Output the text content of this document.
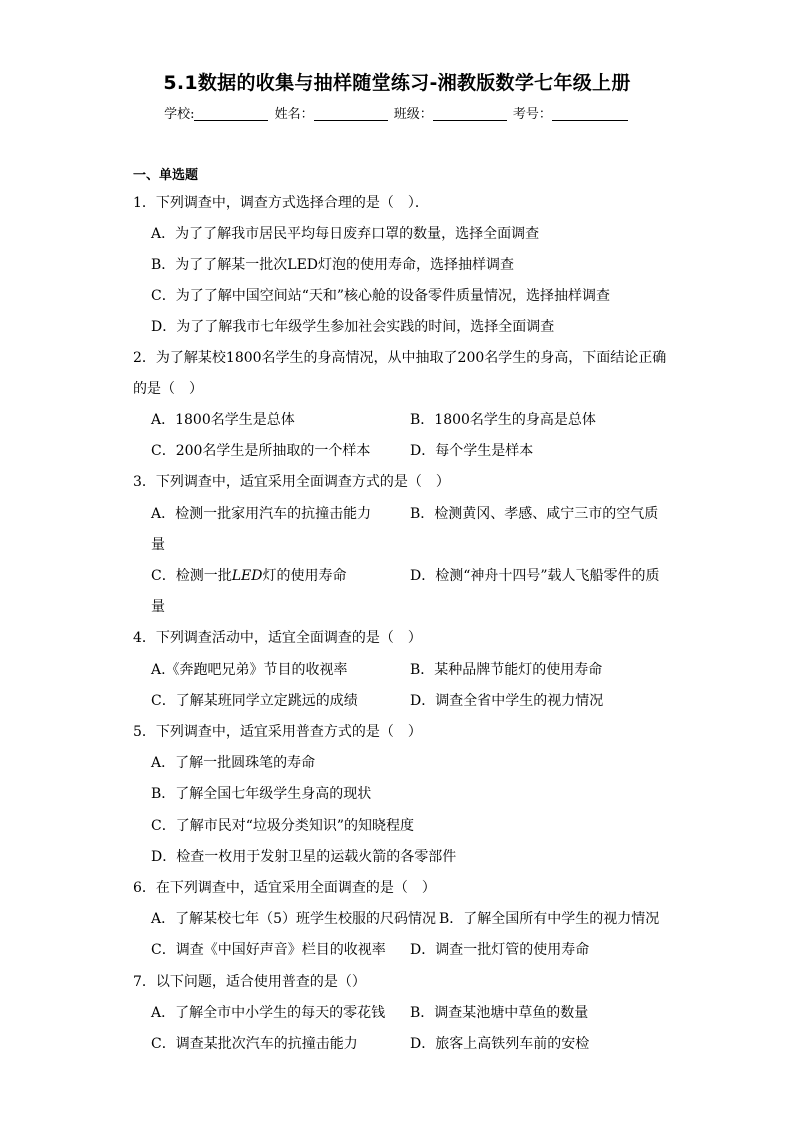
5.1数据的收集与抽样随堂练习-湘教版数学七年级上册
学校:	姓名：	班级：	考号：
一、单选题
1．下列调查中，调查方式选择合理的是（　）．
A．为了了解我市居民平均每日废弃口罩的数量，选择全面调查
B．为了了解某一批次LED灯泡的使用寿命，选择抽样调查
C．为了了解中国空间站“天和”核心舱的设备零件质量情况，选择抽样调查
D．为了了解我市七年级学生参加社会实践的时间，选择全面调查
2．为了解某校1800名学生的身高情况，从中抽取了200名学生的身高，下面结论正确
的是（　）
A．1800名学生是总体	B．1800名学生的身高是总体
C．200名学生是所抽取的一个样本	D．每个学生是样本
3．下列调查中，适宜采用全面调查方式的是（　）
A．检测一批家用汽车的抗撞击能力	B．检测黄冈、孝感、咸宁三市的空气质
量
C．检测一批LED灯的使用寿命	D．检测“神舟十四号”载人飞船零件的质
量
4．下列调查活动中，适宜全面调查的是（　）
A.《奔跑吧兄弟》节目的收视率	B．某种品牌节能灯的使用寿命
C．了解某班同学立定跳远的成绩	D．调查全省中学生的视力情况
5．下列调查中，适宜采用普查方式的是（　）
A．了解一批圆珠笔的寿命
B．了解全国七年级学生身高的现状
C．了解市民对“垃圾分类知识”的知晓程度
D．检查一枚用于发射卫星的运载火箭的各零部件
6．在下列调查中，适宜采用全面调查的是（　）
A．了解某校七年（5）班学生校服的尺码情况 B．了解全国所有中学生的视力情况
C．调查《中国好声音》栏目的收视率 D．调查一批灯管的使用寿命
7．以下问题，适合使用普查的是（）
A．了解全市中小学生的每天的零花钱 B．调查某池塘中草鱼的数量
C．调查某批次汽车的抗撞击能力	D．旅客上高铁列车前的安检
